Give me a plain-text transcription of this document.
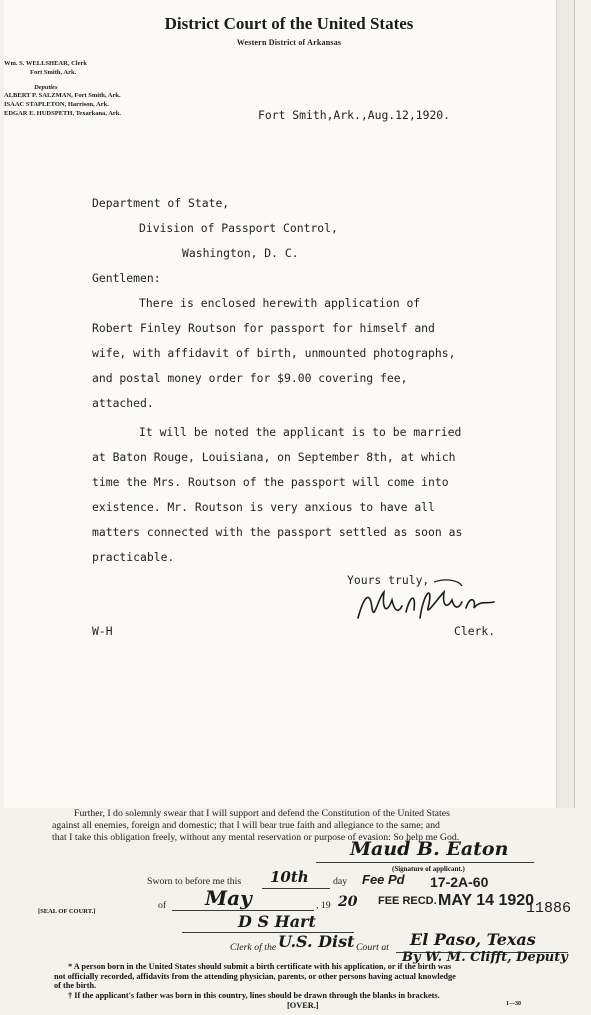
District Court of the United States
Western District of Arkansas
Wm. S. WELLSHEAR, Clerk
Fort Smith, Ark.
Deputies
ALBERT P. SALZMAN, Fort Smith, Ark.
ISAAC STAPLETON, Harrison, Ark.
EDGAR E. HUDSPETH, Texarkana, Ark.	Fort Smith,Ark.,Aug.12,1920.
Department of State,
Division of Passport Control,
Washington, D. C.
Gentlemen:
There is enclosed herewith application of
Robert Finley Routson for passport for himself and
wife, with affidavit of birth, unmounted photographs,
and postal money order for $9.00 covering fee,
attached.
It will be noted the applicant is to be married
at Baton Rouge, Louisiana, on September 8th, at which
time the Mrs. Routson of the passport will come into
existence. Mr. Routson is very anxious to have all
matters connected with the passport settled as soon as
practicable.
Yours truly,
Clerk.
W-H
Further, I do solemnly swear that I will support and defend the Constitution of the United States
against all enemies, foreign and domestic; that I will bear true faith and allegiance to the same; and
that I take this obligation freely, without any mental reservation or purpose of evasion: So help me God.
Maud B. Eaton
(Signature of applicant.)
Sworn to before me this 10th day Fee Pd 17-2A-60
of May	, 19 20 FEE RECD. MAY 14 1920
11886
[SEAL OF COURT.]
D S Hart
Clerk of the U.S. Dist Court at El Paso, Texas
By W. M. Clifft, Deputy
* A person born in the United States should submit a birth certificate with his application, or if the birth was
not officially recorded, affidavits from the attending physician, parents, or other persons having actual knowledge
of the birth.
† If the applicant's father was born in this country, lines should be drawn through the blanks in brackets.
[OVER.]	1—30
